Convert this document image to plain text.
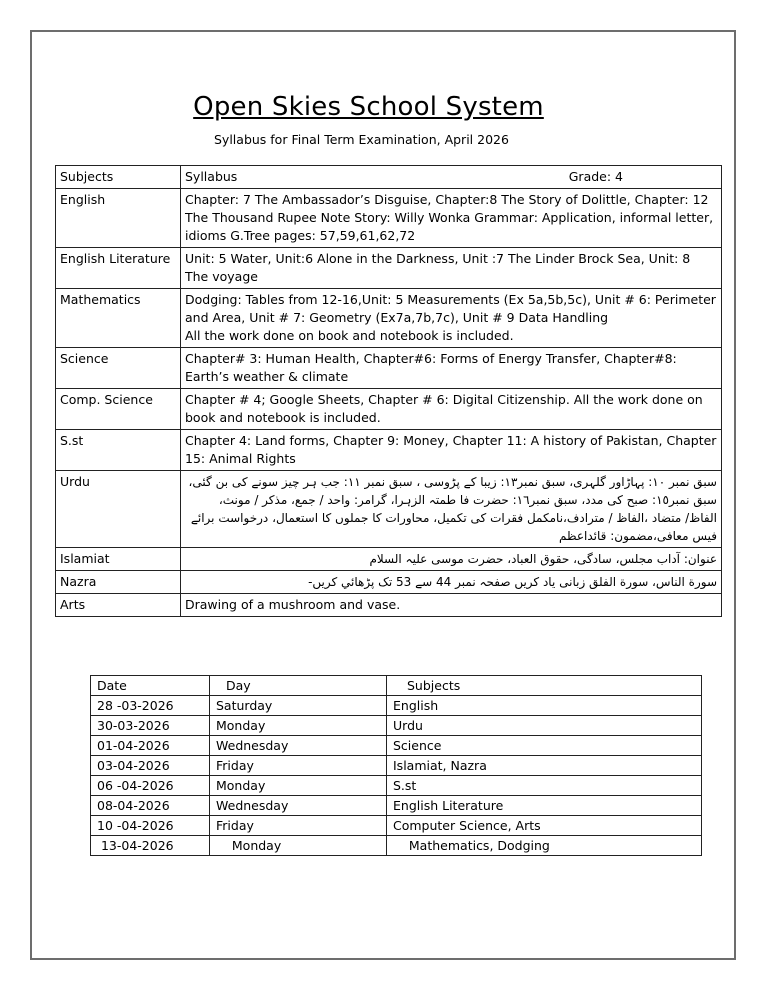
Open Skies School System
Syllabus for Final Term Examination, April 2026
Subjects	Syllabus Grade: 4

English	Chapter: 7 The Ambassador’s Disguise, Chapter:8 The Story of Dolittle, Chapter: 12 The Thousand Rupee Note Story: Willy Wonka Grammar: Application, informal letter, idioms G.Tree pages: 57,59,61,62,72
English Literature	Unit: 5 Water, Unit:6 Alone in the Darkness, Unit :7 The Linder Brock Sea, Unit: 8 The voyage
Mathematics	Dodging: Tables from 12-16,Unit: 5 Measurements (Ex 5a,5b,5c), Unit # 6: Perimeter and Area, Unit # 7: Geometry (Ex7a,7b,7c), Unit # 9 Data Handling
All the work done on book and notebook is included.

Science	Chapter# 3: Human Health, Chapter#6: Forms of Energy Transfer, Chapter#8: Earth’s weather & climate
Comp. Science	Chapter # 4; Google Sheets, Chapter # 6: Digital Citizenship. All the work done on book and notebook is included.
S.st	Chapter 4: Land forms, Chapter 9: Money, Chapter 11: A history of Pakistan, Chapter 15: Animal Rights
Urdu	سبق نمبر ١٠: پہاڑاور گلہری، سبق نمبر١٣: زیبا کے پڑوسی ، سبق نمبر ١١: جب ہر چیز سونے کی بن گئی، سبق نمبر١٥: صبح کی مدد، سبق نمبر١٦: حضرت فا طمتہ الزہرا، گرامر: واحد / جمع، مذکر / مونث، الفاظ/ متضاد ،الفاظ / مترادف،نامکمل فقرات کی تکمیل، محاورات کا جملوں کا استعمال، درخواست برائے فیس معافی،مضمون: قائداعظم
Islamiat	عنوان: آداب مجلس، سادگی، حقوق العباد، حضرت موسی علیہ السلام
Nazra	سورة الناس، سورة الفلق زبانی یاد کریں صفحہ نمبر 44 سے 53 تک پڑھائي کریں-
Arts	Drawing of a mushroom and vase.
Date	Day	Subjects
28 -03-2026	Saturday	English
30-03-2026	Monday	Urdu
01-04-2026	Wednesday	Science
03-04-2026	Friday	Islamiat, Nazra
06 -04-2026	Monday	S.st
08-04-2026	Wednesday	English Literature
10 -04-2026	Friday	Computer Science, Arts
13-04-2026	Monday	Mathematics, Dodging
